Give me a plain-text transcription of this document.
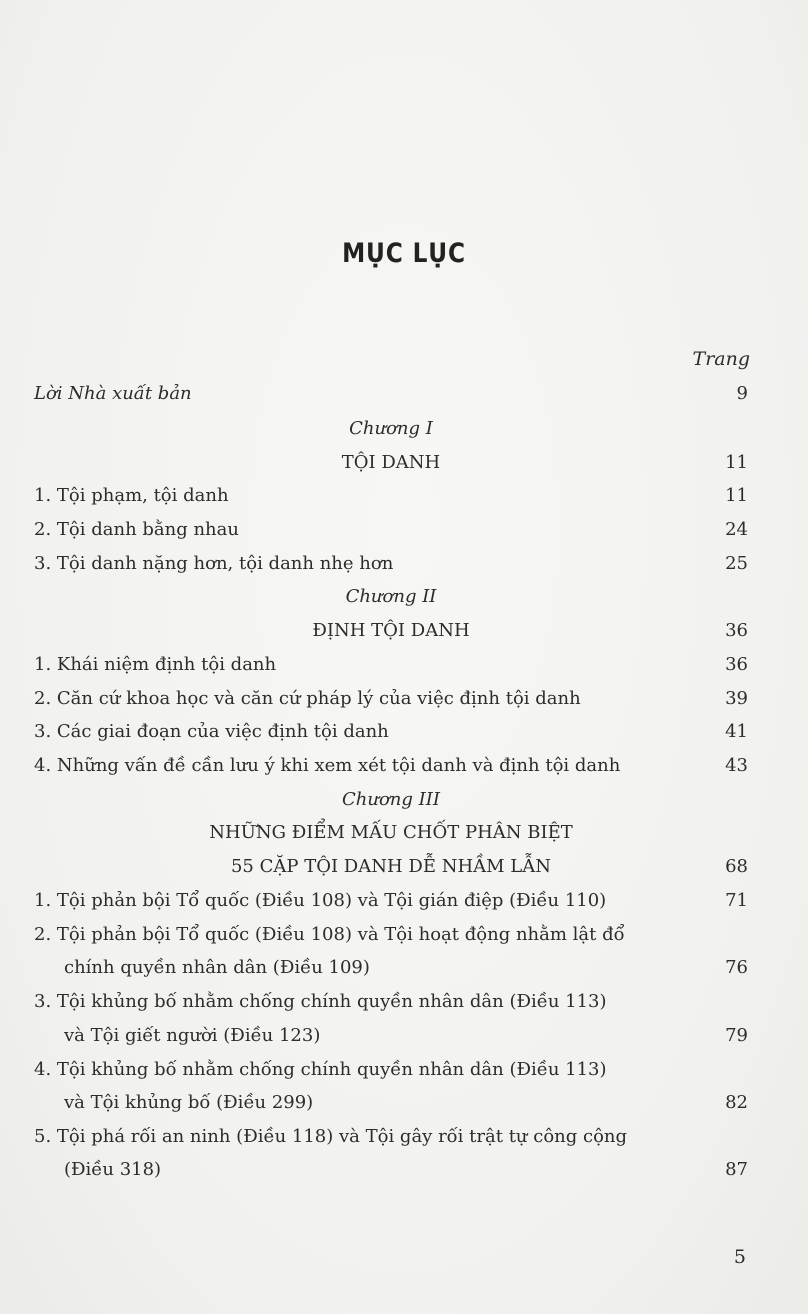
MỤC LỤC
Trang
Lời Nhà xuất bản	9
Chương I
TỘI DANH	11
1. Tội phạm, tội danh	11
2. Tội danh bằng nhau	24
3. Tội danh nặng hơn, tội danh nhẹ hơn	25
Chương II
ĐỊNH TỘI DANH	36
1. Khái niệm định tội danh	36
2. Căn cứ khoa học và căn cứ pháp lý của việc định tội danh	39
3. Các giai đoạn của việc định tội danh	41
4. Những vấn đề cần lưu ý khi xem xét tội danh và định tội danh	43
Chương III
NHỮNG ĐIỂM MẤU CHỐT PHÂN BIỆT
55 CẶP TỘI DANH DỄ NHẦM LẪN	68
1. Tội phản bội Tổ quốc (Điều 108) và Tội gián điệp (Điều 110)	71
2. Tội phản bội Tổ quốc (Điều 108) và Tội hoạt động nhằm lật đổ
chính quyền nhân dân (Điều 109)	76
3. Tội khủng bố nhằm chống chính quyền nhân dân (Điều 113)
và Tội giết người (Điều 123)	79
4. Tội khủng bố nhằm chống chính quyền nhân dân (Điều 113)
và Tội khủng bố (Điều 299)	82
5. Tội phá rối an ninh (Điều 118) và Tội gây rối trật tự công cộng
(Điều 318)	87
5
